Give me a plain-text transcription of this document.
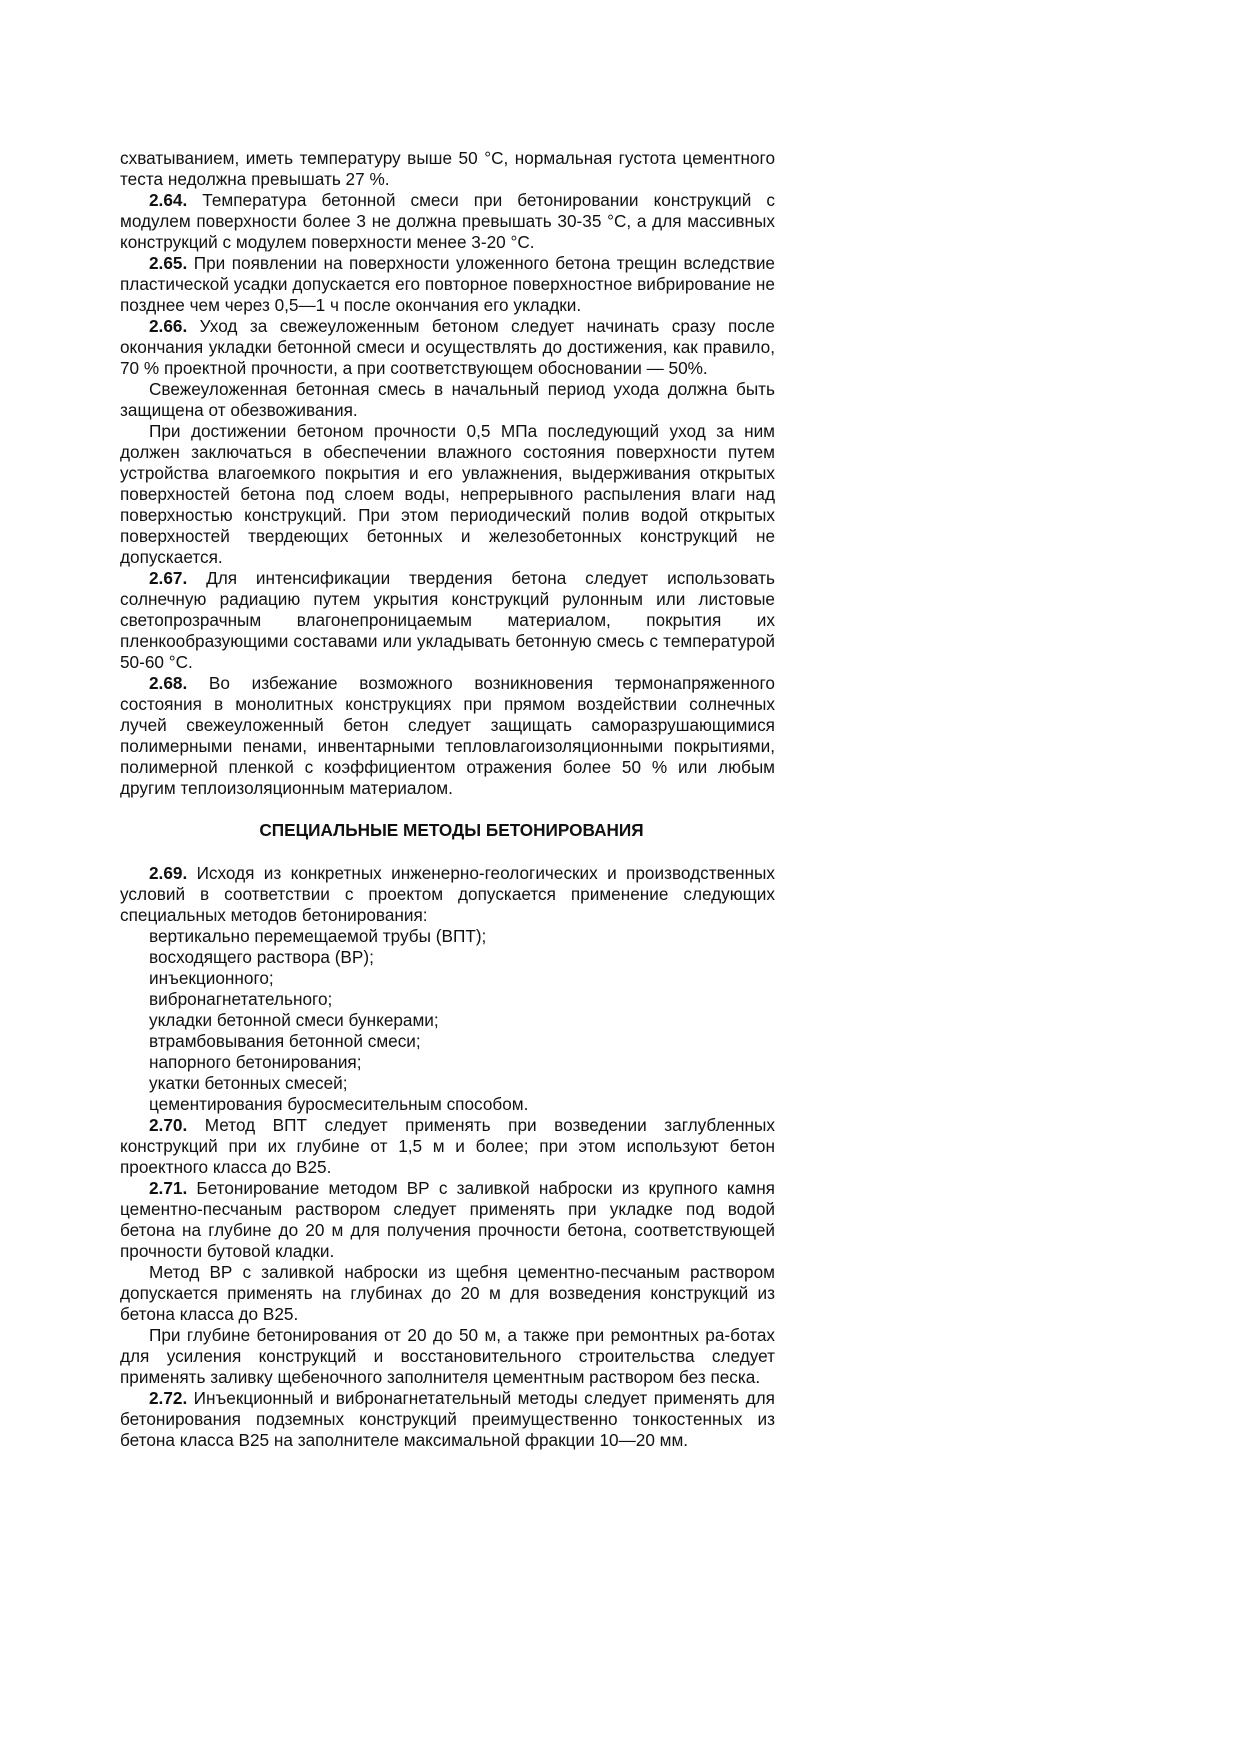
схватыванием, иметь температуру выше 50 °С, нормальная густота цементного теста недолжна превышать 27 %.

2.64. Температура бетонной смеси при бетонировании конструкций с модулем поверхности более 3 не должна превышать 30-35 °С, а для массивных конструкций с модулем поверхности менее 3-20 °С.

2.65. При появлении на поверхности уложенного бетона трещин вследствие пластической усадки допускается его повторное поверхностное вибрирование не позднее чем через 0,5—1 ч после окончания его укладки.

2.66. Уход за свежеуложенным бетоном следует начинать сразу после окончания укладки бетонной смеси и осуществлять до достижения, как правило, 70 % проектной прочности, а при соответствующем обосновании — 50%.

Свежеуложенная бетонная смесь в начальный период ухода должна быть защищена от обезвоживания.

При достижении бетоном прочности 0,5 МПа последующий уход за ним должен заключаться в обеспечении влажного состояния поверхности путем устройства влагоемкого покрытия и его увлажнения, выдерживания открытых поверхностей бетона под слоем воды, непрерывного распыления влаги над поверхностью конструкций. При этом периодический полив водой открытых поверхностей твердеющих бетонных и железобетонных конструкций не допускается.

2.67. Для интенсификации твердения бетона следует использовать солнечную радиацию путем укрытия конструкций рулонным или листовые светопрозрачным влагонепроницаемым материалом, покрытия их пленкообразующими составами или укладывать бетонную смесь с температурой 50-60 °С.

2.68. Во избежание возможного возникновения термонапряженного состояния в монолитных конструкциях при прямом воздействии солнечных лучей свежеуложенный бетон следует защищать саморазрушающимися полимерными пенами, инвентарными тепловлагоизоляционными покрытиями, полимерной пленкой с коэффициентом отражения более 50 % или любым другим теплоизоляционным материалом.

СПЕЦИАЛЬНЫЕ МЕТОДЫ БЕТОНИРОВАНИЯ

2.69. Исходя из конкретных инженерно-геологических и производственных условий в соответствии с проектом допускается применение следующих специальных методов бетонирования:

вертикально перемещаемой трубы (ВПТ);

восходящего раствора (ВР);

инъекционного;

вибронагнетательного;

укладки бетонной смеси бункерами;

втрамбовывания бетонной смеси;

напорного бетонирования;

укатки бетонных смесей;

цементирования буросмесительным способом.

2.70. Метод ВПТ следует применять при возведении заглубленных конструкций при их глубине от 1,5 м и более; при этом используют бетон проектного класса до В25.

2.71. Бетонирование методом ВР с заливкой наброски из крупного камня цементно-песчаным раствором следует применять при укладке под водой бетона на глубине до 20 м для получения прочности бетона, соответствующей прочности бутовой кладки.

Метод ВР с заливкой наброски из щебня цементно-песчаным раствором допускается применять на глубинах до 20 м для возведения конструкций из бетона класса до В25.

При глубине бетонирования от 20 до 50 м, а также при ремонтных ра-ботах для усиления конструкций и восстановительного строительства следует применять заливку щебеночного заполнителя цементным раствором без песка.

2.72. Инъекционный и вибронагнетательный методы следует применять для бетонирования подземных конструкций преимущественно тонкостенных из бетона класса В25 на заполнителе максимальной фракции 10—20 мм.
